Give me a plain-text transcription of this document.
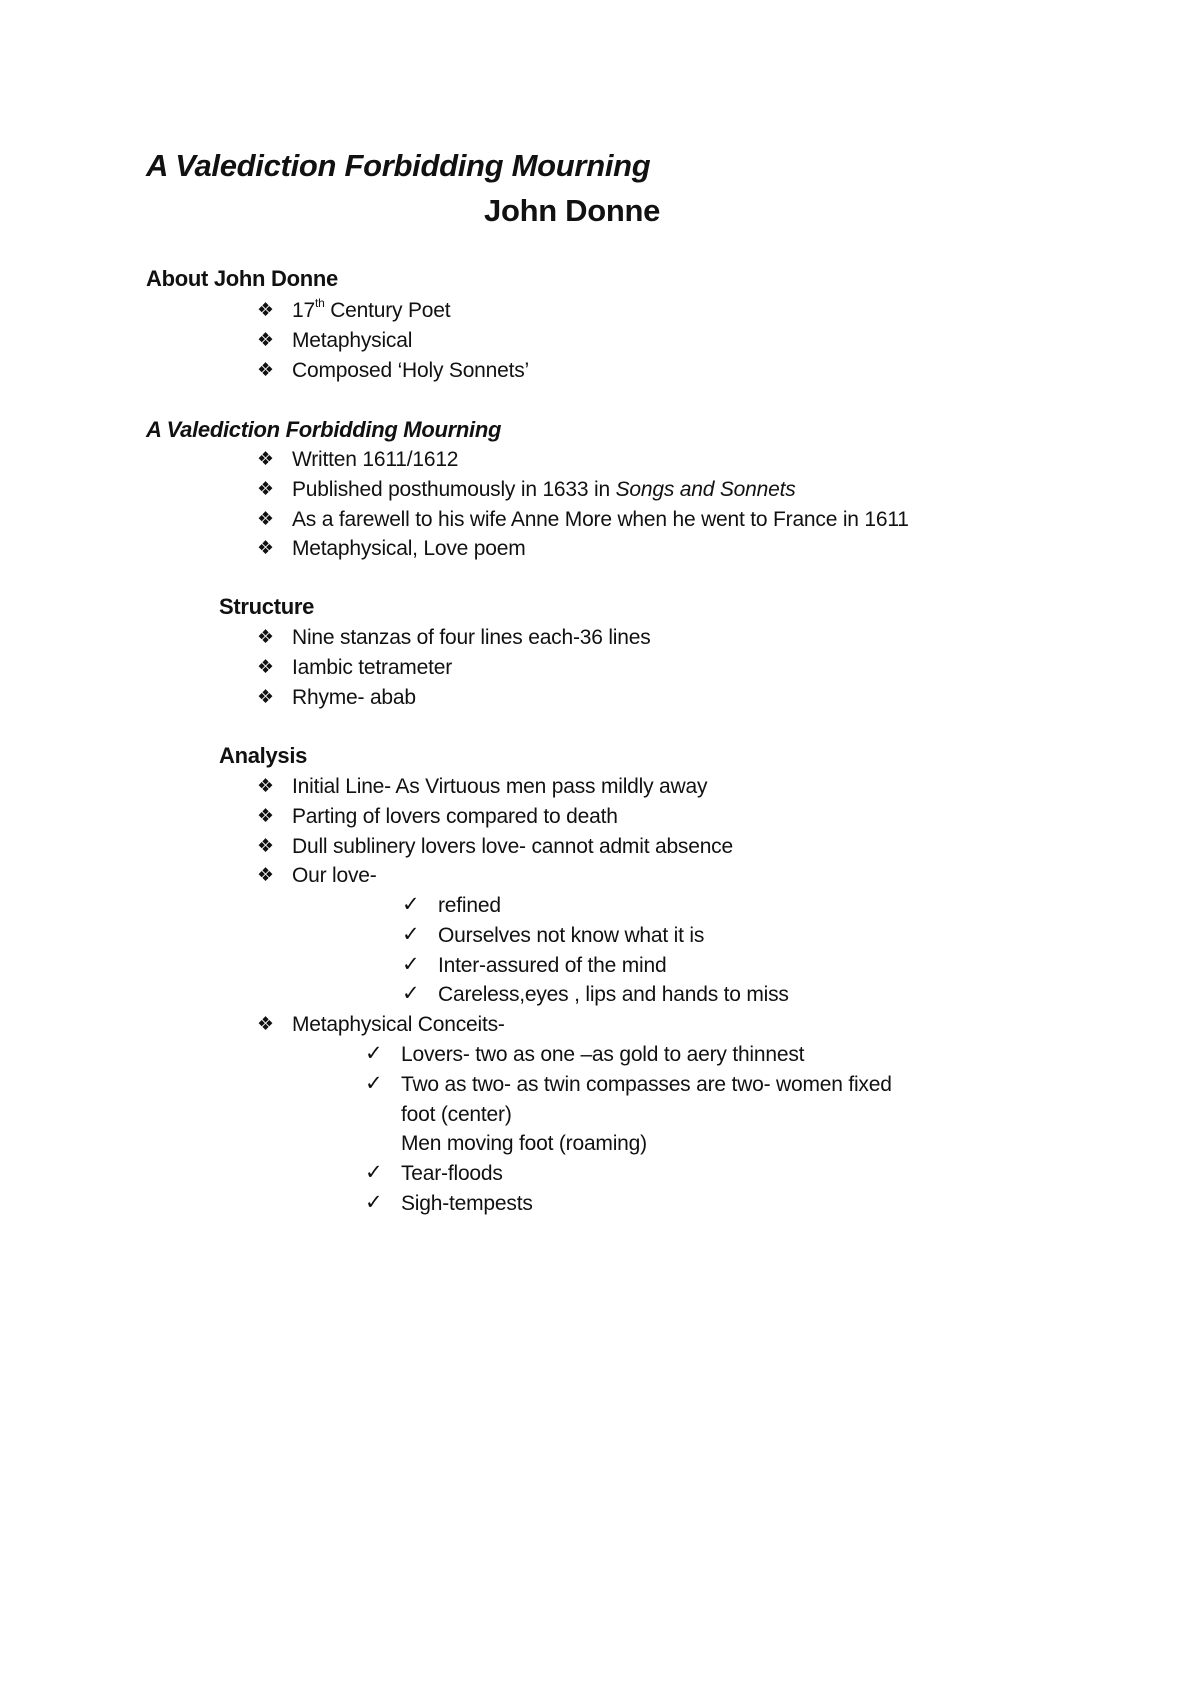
A Valediction Forbidding Mourning
John Donne
About John Donne
❖ 17th Century Poet
❖ Metaphysical
❖ Composed ‘Holy Sonnets’
A Valediction Forbidding Mourning
❖ Written 1611/1612
❖ Published posthumously in 1633 in Songs and Sonnets
❖ As a farewell to his wife Anne More when he went to France in 1611
❖ Metaphysical, Love poem
Structure
❖ Nine stanzas of four lines each-36 lines
❖ Iambic tetrameter
❖ Rhyme- abab
Analysis
❖ Initial Line- As Virtuous men pass mildly away
❖ Parting of lovers compared to death
❖ Dull sublinery lovers love- cannot admit absence
❖ Our love-
✓ refined
✓ Ourselves not know what it is
✓ Inter-assured of the mind
✓ Careless,eyes , lips and hands to miss
❖ Metaphysical Conceits-
✓ Lovers- two as one –as gold to aery thinnest
✓ Two as two- as twin compasses are two- women fixed
foot (center)
Men moving foot (roaming)
✓ Tear-floods
✓ Sigh-tempests
